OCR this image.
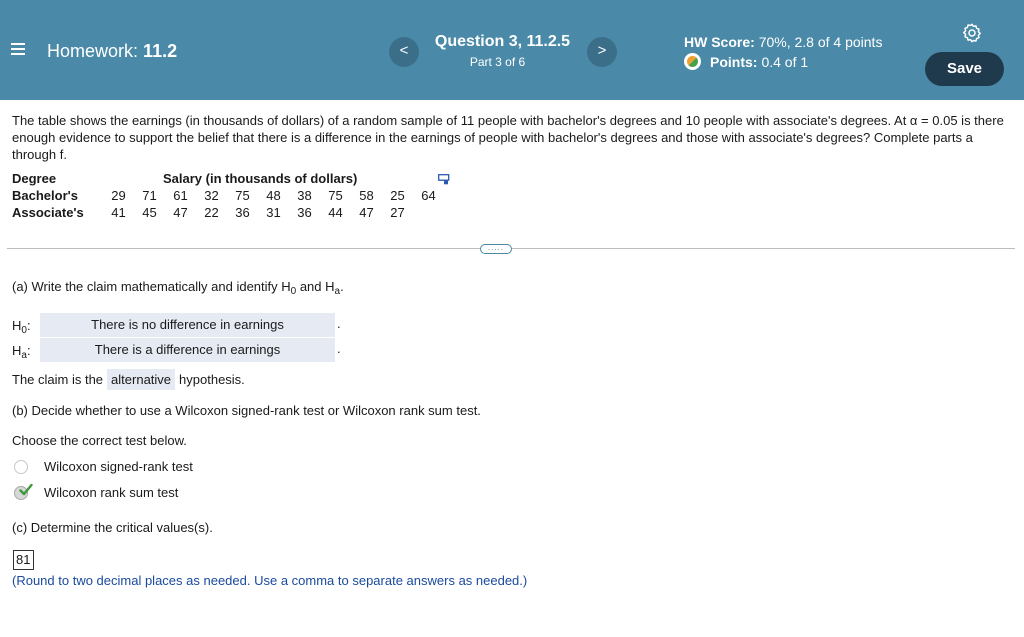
Homework: 11.2	<
Question 3, 11.2.5
Part 3 of 6
>	HW Score: 70%, 2.8 of 4 points
Points: 0.4 of 1	Save
The table shows the earnings (in thousands of dollars) of a random sample of 11 people with bachelor's degrees and 10 people with associate's degrees. At α = 0.05 is there enough evidence to support the belief that there is a difference in the earnings of people with bachelor's degrees and those with associate's degrees? Complete parts a through f.
Degree	Salary (in thousands of dollars)										
Bachelor's	29	71	61	32	75	48	38	75	58	25	64
Associate's	41	45	47	22	36	31	36	44	47	27	
.....
(a) Write the claim mathematically and identify $H_0$ and $H_a$.
$H_0$:	There is no difference in earnings	.
$H_a$:	There is a difference in earnings	.
The claim is the alternative hypothesis.
(b) Decide whether to use a Wilcoxon signed-rank test or Wilcoxon rank sum test.
Choose the correct test below.
Wilcoxon signed-rank test
Wilcoxon rank sum test
(c) Determine the critical values(s).
81
(Round to two decimal places as needed. Use a comma to separate answers as needed.)
